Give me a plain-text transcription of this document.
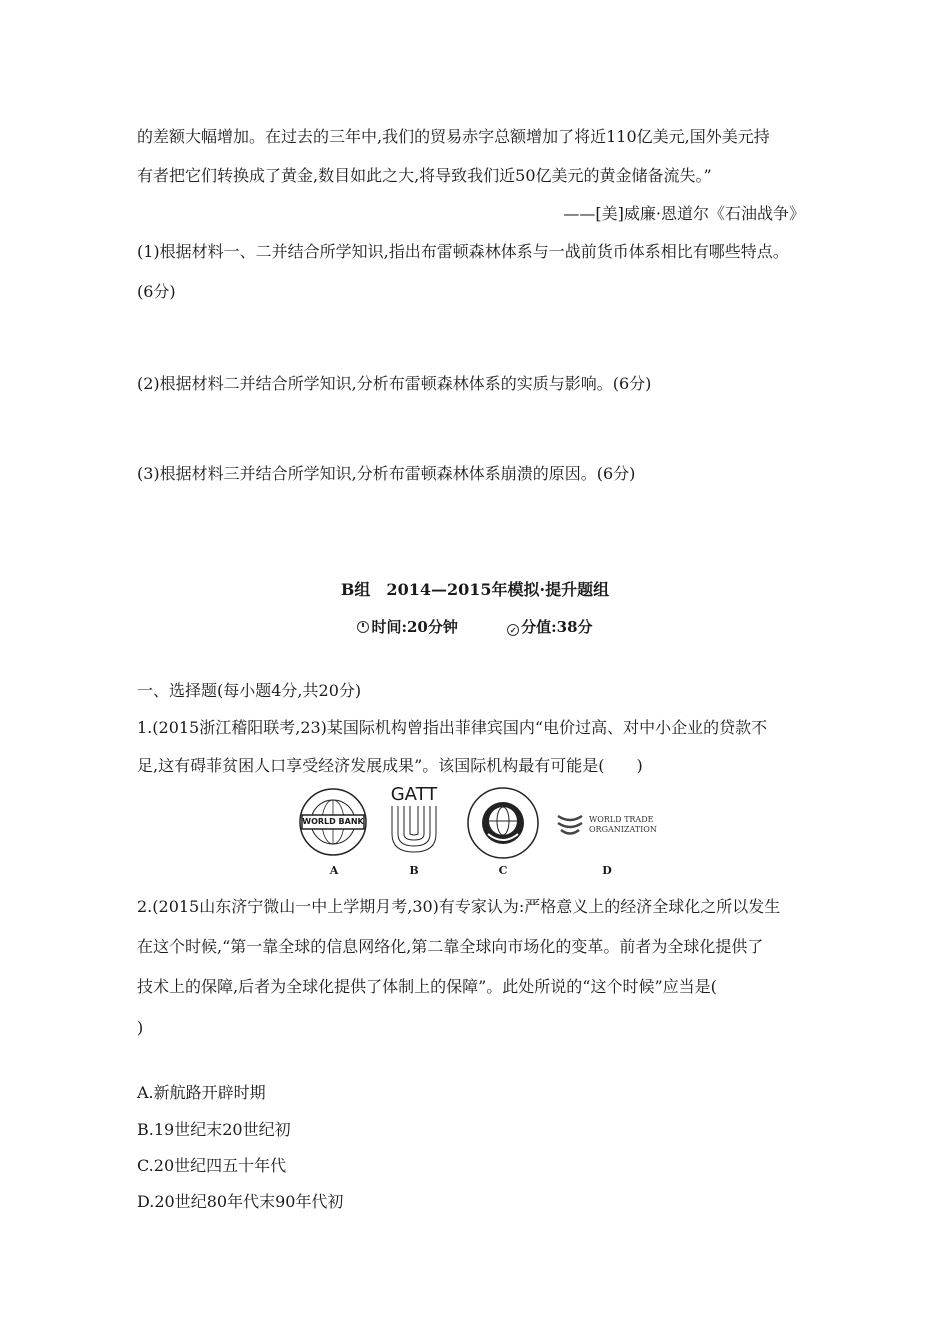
的差额大幅增加。在过去的三年中,我们的贸易赤字总额增加了将近110亿美元,国外美元持
有者把它们转换成了黄金,数目如此之大,将导致我们近50亿美元的黄金储备流失。”
——[美]威廉·恩道尔《石油战争》
(1)根据材料一、二并结合所学知识,指出布雷顿森林体系与一战前货币体系相比有哪些特点。
(6分)
(2)根据材料二并结合所学知识,分析布雷顿森林体系的实质与影响。(6分)
(3)根据材料三并结合所学知识,分析布雷顿森林体系崩溃的原因。(6分)
B组　2014—2015年模拟·提升题组
时间:20分钟	✓ 分值:38分
一、选择题(每小题4分,共20分)
1.(2015浙江稽阳联考,23)某国际机构曾指出菲律宾国内“电价过高、对中小企业的贷款不
足,这有碍菲贫困人口享受经济发展成果”。该国际机构最有可能是(　　)
WORLD BANK
A
GATT
B	C
WORLD TRADE
ORGANIZATION
D
2.(2015山东济宁微山一中上学期月考,30)有专家认为:严格意义上的经济全球化之所以发生
在这个时候,“第一靠全球的信息网络化,第二靠全球向市场化的变革。前者为全球化提供了
技术上的保障,后者为全球化提供了体制上的保障”。此处所说的“这个时候”应当是(
)
A.新航路开辟时期
B.19世纪末20世纪初
C.20世纪四五十年代
D.20世纪80年代末90年代初
